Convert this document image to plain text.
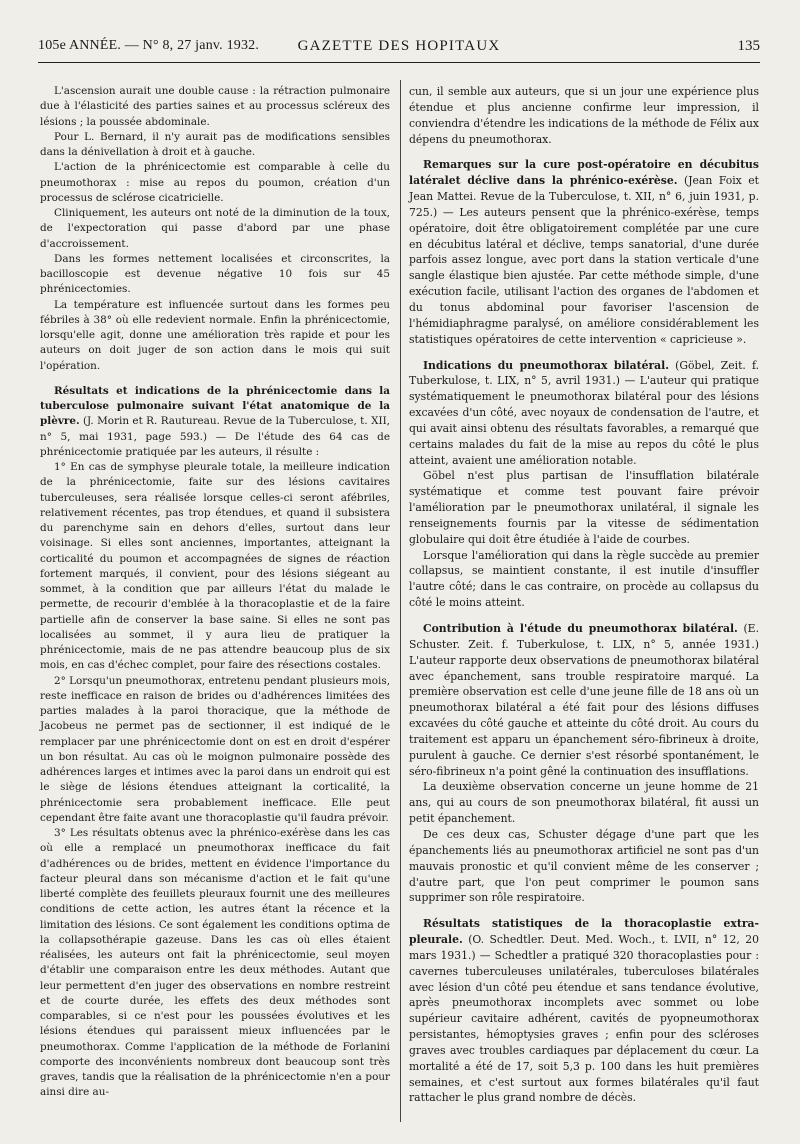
105e ANNÉE. — N° 8, 27 janv. 1932.	GAZETTE DES HOPITAUX	135

L'ascension aurait une double cause : la rétraction pulmonaire due à l'élasticité des parties saines et au processus scléreux des lésions ; la poussée abdominale.

Pour L. Bernard, il n'y aurait pas de modifications sensibles dans la dénivellation à droit et à gauche.

L'action de la phrénicectomie est comparable à celle du pneumothorax : mise au repos du poumon, création d'un processus de sclérose cicatricielle.

Cliniquement, les auteurs ont noté de la diminution de la toux, de l'expectoration qui passe d'abord par une phase d'accroissement.

Dans les formes nettement localisées et circonscrites, la bacilloscopie est devenue négative 10 fois sur 45 phrénicectomies.

La température est influencée surtout dans les formes peu fébriles à 38° où elle redevient normale. Enfin la phrénicectomie, lorsqu'elle agit, donne une amélioration très rapide et pour les auteurs on doit juger de son action dans le mois qui suit l'opération.

Résultats et indications de la phrénicectomie dans la tuberculose pulmonaire suivant l'état anatomique de la plèvre. (J. Morin et R. Rautureau. Revue de la Tuberculose, t. XII, n° 5, mai 1931, page 593.) — De l'étude des 64 cas de phrénicectomie pratiquée par les auteurs, il résulte :

1° En cas de symphyse pleurale totale, la meilleure indication de la phrénicectomie, faite sur des lésions cavitaires tuberculeuses, sera réalisée lorsque celles-ci seront afébriles, relativement récentes, pas trop étendues, et quand il subsistera du parenchyme sain en dehors d'elles, surtout dans leur voisinage. Si elles sont anciennes, importantes, atteignant la corticalité du poumon et accompagnées de signes de réaction fortement marqués, il convient, pour des lésions siégeant au sommet, à la condition que par ailleurs l'état du malade le permette, de recourir d'emblée à la thoracoplastie et de la faire partielle afin de conserver la base saine. Si elles ne sont pas localisées au sommet, il y aura lieu de pratiquer la phrénicectomie, mais de ne pas attendre beaucoup plus de six mois, en cas d'échec complet, pour faire des résections costales.

2° Lorsqu'un pneumothorax, entretenu pendant plusieurs mois, reste inefficace en raison de brides ou d'adhérences limitées des parties malades à la paroi thoracique, que la méthode de Jacobeus ne permet pas de sectionner, il est indiqué de le remplacer par une phrénicectomie dont on est en droit d'espérer un bon résultat. Au cas où le moignon pulmonaire possède des adhérences larges et intimes avec la paroi dans un endroit qui est le siège de lésions étendues atteignant la corticalité, la phrénicectomie sera probablement inefficace. Elle peut cependant être faite avant une thoracoplastie qu'il faudra prévoir.

3° Les résultats obtenus avec la phrénico-exérèse dans les cas où elle a remplacé un pneumothorax inefficace du fait d'adhérences ou de brides, mettent en évidence l'importance du facteur pleural dans son mécanisme d'action et le fait qu'une liberté complète des feuillets pleuraux fournit une des meilleures conditions de cette action, les autres étant la récence et la limitation des lésions. Ce sont également les conditions optima de la collapsothérapie gazeuse. Dans les cas où elles étaient réalisées, les auteurs ont fait la phrénicectomie, seul moyen d'établir une comparaison entre les deux méthodes. Autant que leur permettent d'en juger des observations en nombre restreint et de courte durée, les effets des deux méthodes sont comparables, si ce n'est pour les poussées évolutives et les lésions étendues qui paraissent mieux influencées par le pneumothorax. Comme l'application de la méthode de Forlanini comporte des inconvénients nombreux dont beaucoup sont très graves, tandis que la réalisation de la phrénicectomie n'en a pour ainsi dire au-

cun, il semble aux auteurs, que si un jour une expérience plus étendue et plus ancienne confirme leur impression, il conviendra d'étendre les indications de la méthode de Félix aux dépens du pneumothorax.

Remarques sur la cure post-opératoire en décubitus latéralet déclive dans la phrénico-exérèse. (Jean Foix et Jean Mattei. Revue de la Tuberculose, t. XII, n° 6, juin 1931, p. 725.) — Les auteurs pensent que la phrénico-exérèse, temps opératoire, doit être obligatoirement complétée par une cure en décubitus latéral et déclive, temps sanatorial, d'une durée parfois assez longue, avec port dans la station verticale d'une sangle élastique bien ajustée. Par cette méthode simple, d'une exécution facile, utilisant l'action des organes de l'abdomen et du tonus abdominal pour favoriser l'ascension de l'hémidiaphragme paralysé, on améliore considérablement les statistiques opératoires de cette intervention « capricieuse ».

Indications du pneumothorax bilatéral. (Göbel, Zeit. f. Tuberkulose, t. LIX, n° 5, avril 1931.) — L'auteur qui pratique systématiquement le pneumothorax bilatéral pour des lésions excavées d'un côté, avec noyaux de condensation de l'autre, et qui avait ainsi obtenu des résultats favorables, a remarqué que certains malades du fait de la mise au repos du côté le plus atteint, avaient une amélioration notable.

Göbel n'est plus partisan de l'insufflation bilatérale systématique et comme test pouvant faire prévoir l'amélioration par le pneumothorax unilatéral, il signale les renseignements fournis par la vitesse de sédimentation globulaire qui doit être étudiée à l'aide de courbes.

Lorsque l'amélioration qui dans la règle succède au premier collapsus, se maintient constante, il est inutile d'insuffler l'autre côté; dans le cas contraire, on procède au collapsus du côté le moins atteint.

Contribution à l'étude du pneumothorax bilatéral. (E. Schuster. Zeit. f. Tuberkulose, t. LIX, n° 5, année 1931.) L'auteur rapporte deux observations de pneumothorax bilatéral avec épanchement, sans trouble respiratoire marqué. La première observation est celle d'une jeune fille de 18 ans où un pneumothorax bilatéral a été fait pour des lésions diffuses excavées du côté gauche et atteinte du côté droit. Au cours du traitement est apparu un épanchement séro-fibrineux à droite, purulent à gauche. Ce dernier s'est résorbé spontanément, le séro-fibrineux n'a point gêné la continuation des insufflations.

La deuxième observation concerne un jeune homme de 21 ans, qui au cours de son pneumothorax bilatéral, fit aussi un petit épanchement.

De ces deux cas, Schuster dégage d'une part que les épanchements liés au pneumothorax artificiel ne sont pas d'un mauvais pronostic et qu'il convient même de les conserver ; d'autre part, que l'on peut comprimer le poumon sans supprimer son rôle respiratoire.

Résultats statistiques de la thoracoplastie extra-pleurale. (O. Schedtler. Deut. Med. Woch., t. LVII, n° 12, 20 mars 1931.) — Schedtler a pratiqué 320 thoracoplasties pour : cavernes tuberculeuses unilatérales, tuberculoses bilatérales avec lésion d'un côté peu étendue et sans tendance évolutive, après pneumothorax incomplets avec sommet ou lobe supérieur cavitaire adhérent, cavités de pyopneumothorax persistantes, hémoptysies graves ; enfin pour des scléroses graves avec troubles cardiaques par déplacement du cœur. La mortalité a été de 17, soit 5,3 p. 100 dans les huit premières semaines, et c'est surtout aux formes bilatérales qu'il faut rattacher le plus grand nombre de décès.
